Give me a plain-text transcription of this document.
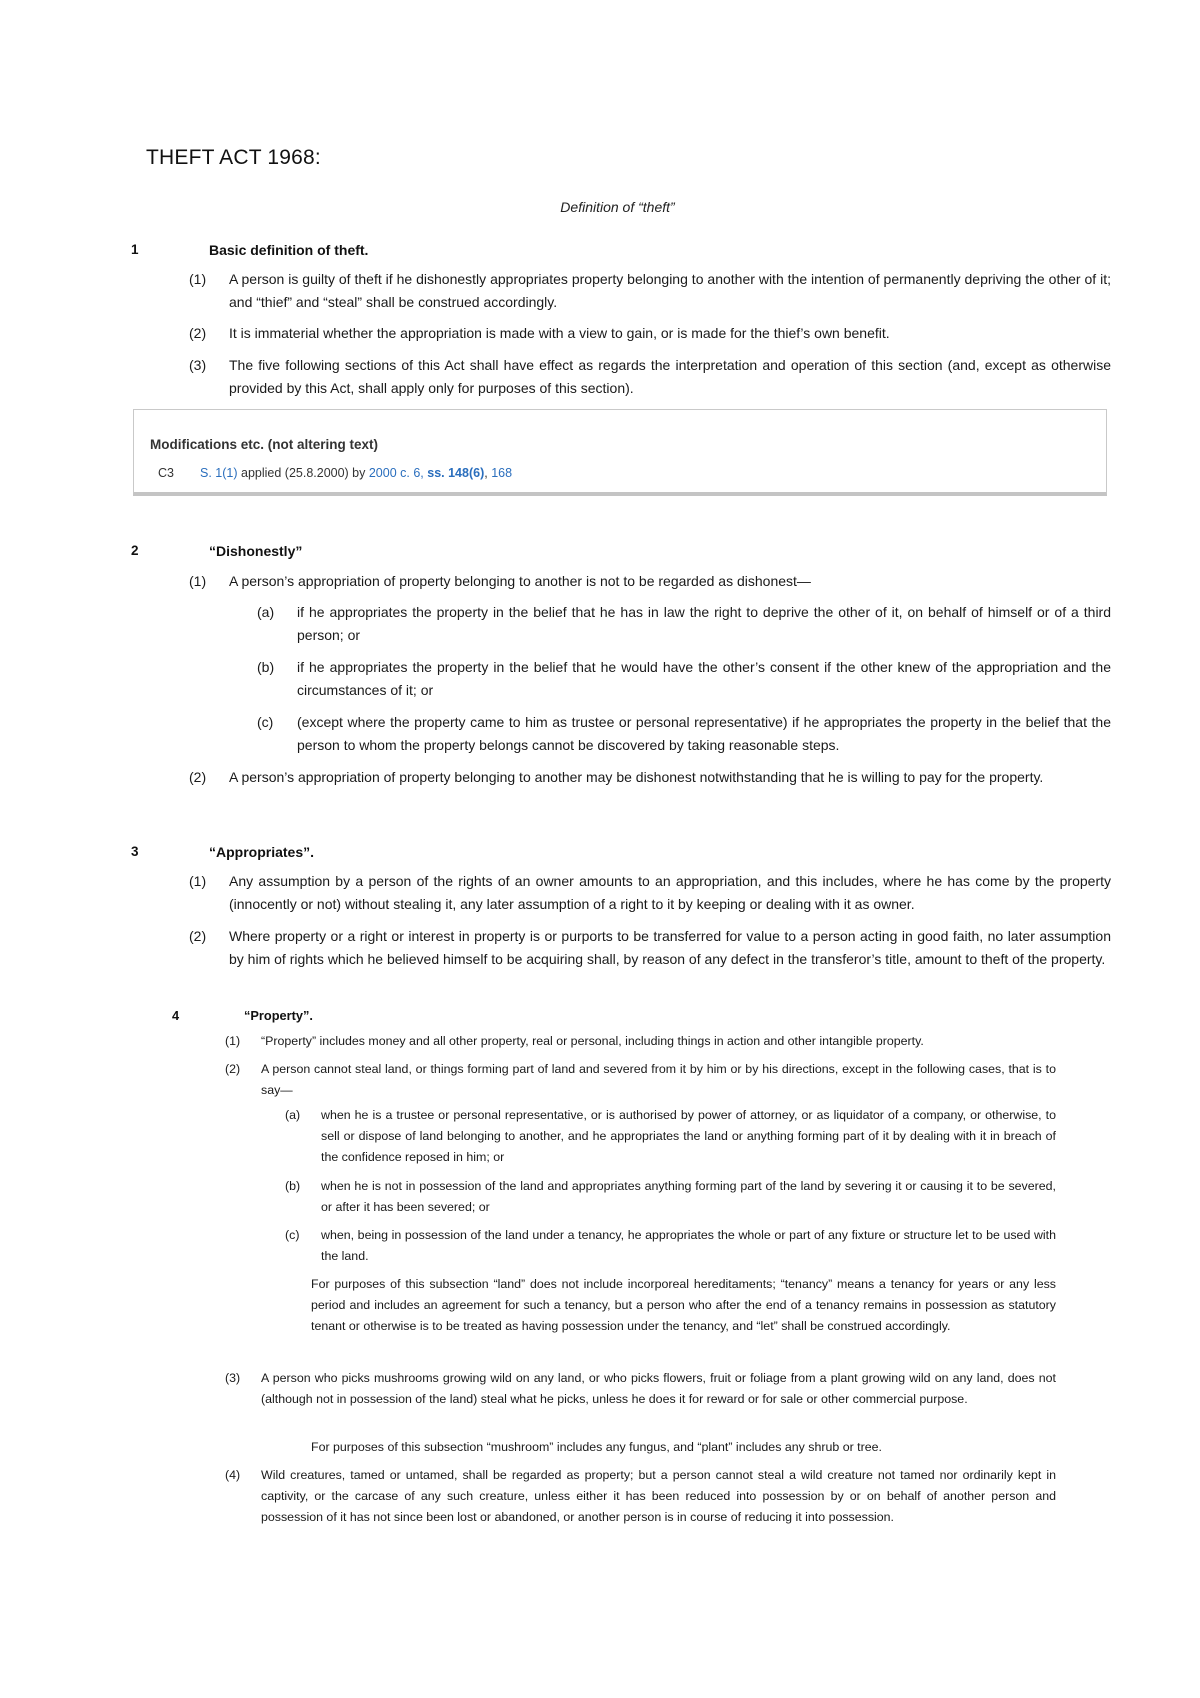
THEFT ACT 1968:
Definition of “theft”
1	Basic definition of theft.
(1) A person is guilty of theft if he dishonestly appropriates property belonging to another with the intention of permanently depriving the other of it; and “thief” and “steal” shall be construed accordingly.
(2) It is immaterial whether the appropriation is made with a view to gain, or is made for the thief’s own benefit.
(3) The five following sections of this Act shall have effect as regards the interpretation and operation of this section (and, except as otherwise provided by this Act, shall apply only for purposes of this section).
Modifications etc. (not altering text)
C3 S. 1(1) applied (25.8.2000) by 2000 c. 6, ss. 148(6), 168
2	“Dishonestly”
(1) A person’s appropriation of property belonging to another is not to be regarded as dishonest—
(a) if he appropriates the property in the belief that he has in law the right to deprive the other of it, on behalf of himself or of a third person; or
(b) if he appropriates the property in the belief that he would have the other’s consent if the other knew of the appropriation and the circumstances of it; or
(c) (except where the property came to him as trustee or personal representative) if he appropriates the property in the belief that the person to whom the property belongs cannot be discovered by taking reasonable steps.
(2) A person’s appropriation of property belonging to another may be dishonest notwithstanding that he is willing to pay for the property.
3	“Appropriates”.
(1) Any assumption by a person of the rights of an owner amounts to an appropriation, and this includes, where he has come by the property (innocently or not) without stealing it, any later assumption of a right to it by keeping or dealing with it as owner.
(2) Where property or a right or interest in property is or purports to be transferred for value to a person acting in good faith, no later assumption by him of rights which he believed himself to be acquiring shall, by reason of any defect in the transferor’s title, amount to theft of the property.
4	“Property”.
(1) “Property” includes money and all other property, real or personal, including things in action and other intangible property.
(2) A person cannot steal land, or things forming part of land and severed from it by him or by his directions, except in the following cases, that is to say—
(a) when he is a trustee or personal representative, or is authorised by power of attorney, or as liquidator of a company, or otherwise, to sell or dispose of land belonging to another, and he appropriates the land or anything forming part of it by dealing with it in breach of the confidence reposed in him; or
(b) when he is not in possession of the land and appropriates anything forming part of the land by severing it or causing it to be severed, or after it has been severed; or
(c) when, being in possession of the land under a tenancy, he appropriates the whole or part of any fixture or structure let to be used with the land.
For purposes of this subsection “land” does not include incorporeal hereditaments; “tenancy” means a tenancy for years or any less period and includes an agreement for such a tenancy, but a person who after the end of a tenancy remains in possession as statutory tenant or otherwise is to be treated as having possession under the tenancy, and “let” shall be construed accordingly.
(3) A person who picks mushrooms growing wild on any land, or who picks flowers, fruit or foliage from a plant growing wild on any land, does not (although not in possession of the land) steal what he picks, unless he does it for reward or for sale or other commercial purpose.
For purposes of this subsection “mushroom” includes any fungus, and “plant” includes any shrub or tree.
(4) Wild creatures, tamed or untamed, shall be regarded as property; but a person cannot steal a wild creature not tamed nor ordinarily kept in captivity, or the carcase of any such creature, unless either it has been reduced into possession by or on behalf of another person and possession of it has not since been lost or abandoned, or another person is in course of reducing it into possession.
